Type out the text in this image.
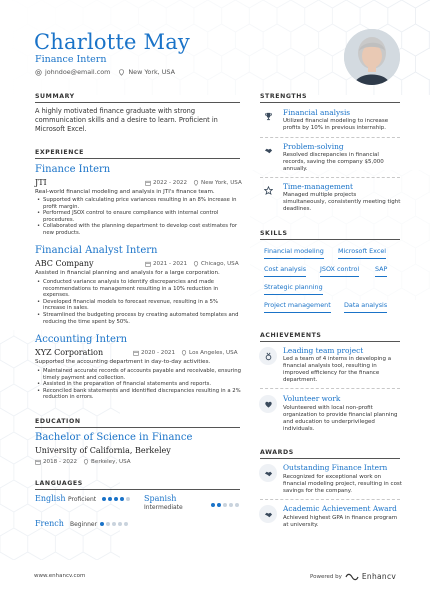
Charlotte May
Finance Intern
johndoe@email.com	New York, USA
SUMMARY
A highly motivated finance graduate with strong communication skills and a desire to learn. Proficient in Microsoft Excel.
EXPERIENCE
Finance Intern
JTI	2022 - 2022	New York, USA
Real-world financial modeling and analysis in JTI's finance team.
• Supported with calculating price variances resulting in an 8% increase in profit margin.
• Performed JSOX control to ensure compliance with internal control procedures.
• Collaborated with the planning department to develop cost estimates for new products.
Financial Analyst Intern
ABC Company	2021 - 2021	Chicago, USA
Assisted in financial planning and analysis for a large corporation.
• Conducted variance analysis to identify discrepancies and made recommendations to management resulting in a 10% reduction in expenses.
• Developed financial models to forecast revenue, resulting in a 5% increase in sales.
• Streamlined the budgeting process by creating automated templates and reducing the time spent by 50%.
Accounting Intern
XYZ Corporation	2020 - 2021	Los Angeles, USA
Supported the accounting department in day-to-day activities.
• Maintained accurate records of accounts payable and receivable, ensuring timely payment and collection.
• Assisted in the preparation of financial statements and reports.
• Reconciled bank statements and identified discrepancies resulting in a 2% reduction in errors.
EDUCATION
Bachelor of Science in Finance
University of California, Berkeley
2018 - 2022	Berkeley, USA
LANGUAGES
English Proficient	Spanish
Intermediate
French Beginner
STRENGTHS
Financial analysis
Utilized financial modeling to increase profits by 10% in previous internship.
Problem-solving
Resolved discrepancies in financial records, saving the company $5,000 annually.
Time-management
Managed multiple projects simultaneously, consistently meeting tight deadlines.
SKILLS
Financial modeling Microsoft Excel
Cost analysis JSOX control SAP
Strategic planning
Project management Data analysis
ACHIEVEMENTS
Leading team project
Led a team of 4 interns in developing a financial analysis tool, resulting in improved efficiency for the finance department.
Volunteer work
Volunteered with local non-profit organization to provide financial planning and education to underprivileged individuals.
AWARDS
Outstanding Finance Intern
Recognized for exceptional work on financial modeling project, resulting in cost savings for the company.
Academic Achievement Award
Achieved highest GPA in finance program at university.
www.enhancv.com	Powered by	Enhancv
